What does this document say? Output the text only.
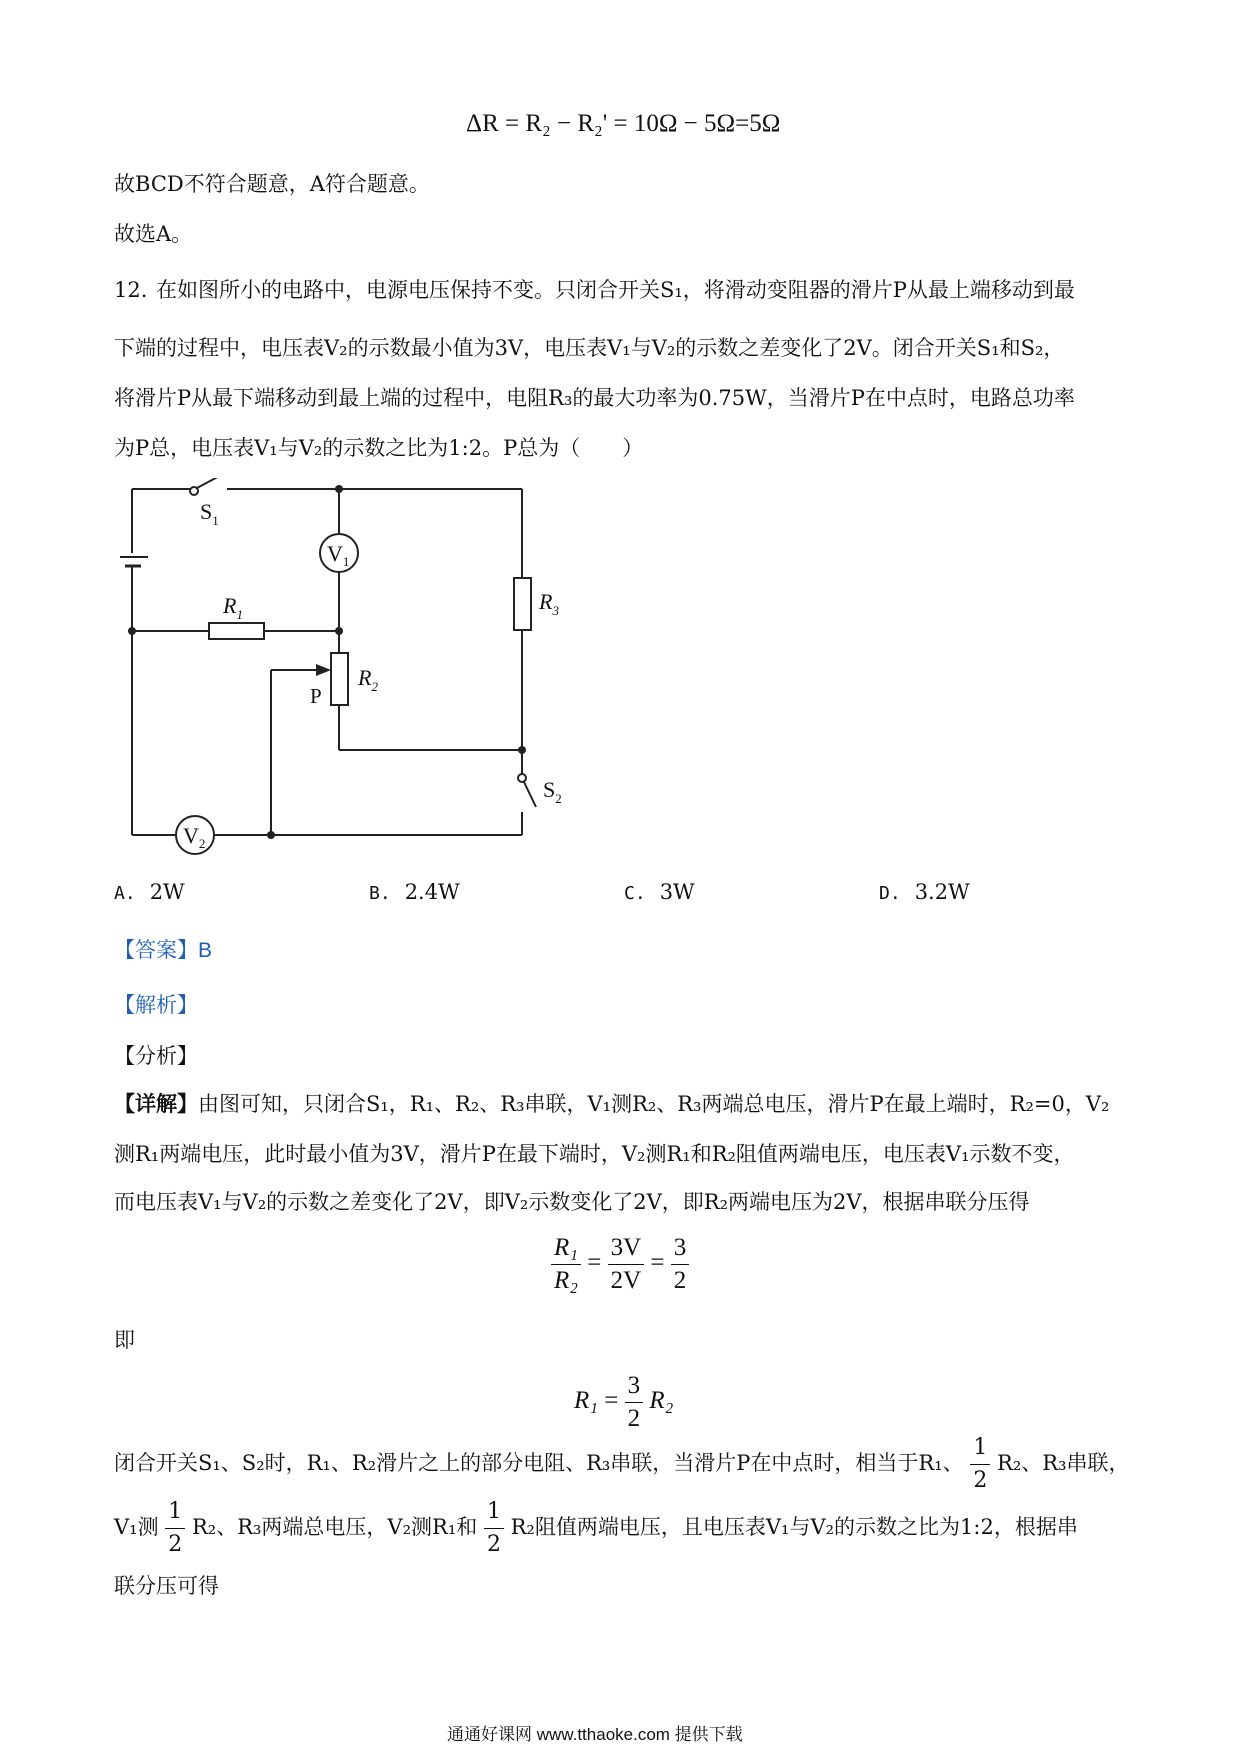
ΔR = R₂ − R₂' = 10Ω − 5Ω=5Ω
故BCD不符合题意，A符合题意。
故选A。
12. 在如图所小的电路中，电源电压保持不变。只闭合开关S₁，将滑动变阻器的滑片P从最上端移动到最
下端的过程中，电压表V₂的示数最小值为3V，电压表V₁与V₂的示数之差变化了2V。闭合开关S₁和S₂，
将滑片P从最下端移动到最上端的过程中，电阻R₃的最大功率为0.75W，当滑片P在中点时，电路总功率
为P总，电压表V₁与V₂的示数之比为1:2。P总为（　　）
$S_1$
$V_1$
$R_1$
$R_2$
P
$R_3$
$S_2$
$V_2$
A. 2W	B. 2.4W	C. 3W	D. 3.2W
【答案】B
【解析】
【分析】
【详解】由图可知，只闭合S₁，R₁、R₂、R₃串联，V₁测R₂、R₃两端总电压，滑片P在最上端时，R₂=0，V₂
测R₁两端电压，此时最小值为3V，滑片P在最下端时，V₂测R₁和R₂阻值两端电压，电压表V₁示数不变，
而电压表V₁与V₂的示数之差变化了2V，即V₂示数变化了2V，即R₂两端电压为2V，根据串联分压得
$\frac{\text{R₁}}{\text{R₂}} = \frac{3V}{2V} = \frac{3}{2}$
即
$R_1 = \frac{3}{2} R_2$
闭合开关S₁、S₂时，R₁、R₂滑片之上的部分电阻、R₃串联，当滑片P在中点时，相当于R₁、 $\frac{1}{2} R_2$、R₃串联，
V₁测 $\frac{1}{2} R_2$、R₃两端总电压，V₂测R₁和 $\frac{1}{2} R_2$阻值两端电压，且电压表V₁与V₂的示数之比为1:2，根据串
联分压可得
通通好课网 www.tthaoke.com 提供下载
